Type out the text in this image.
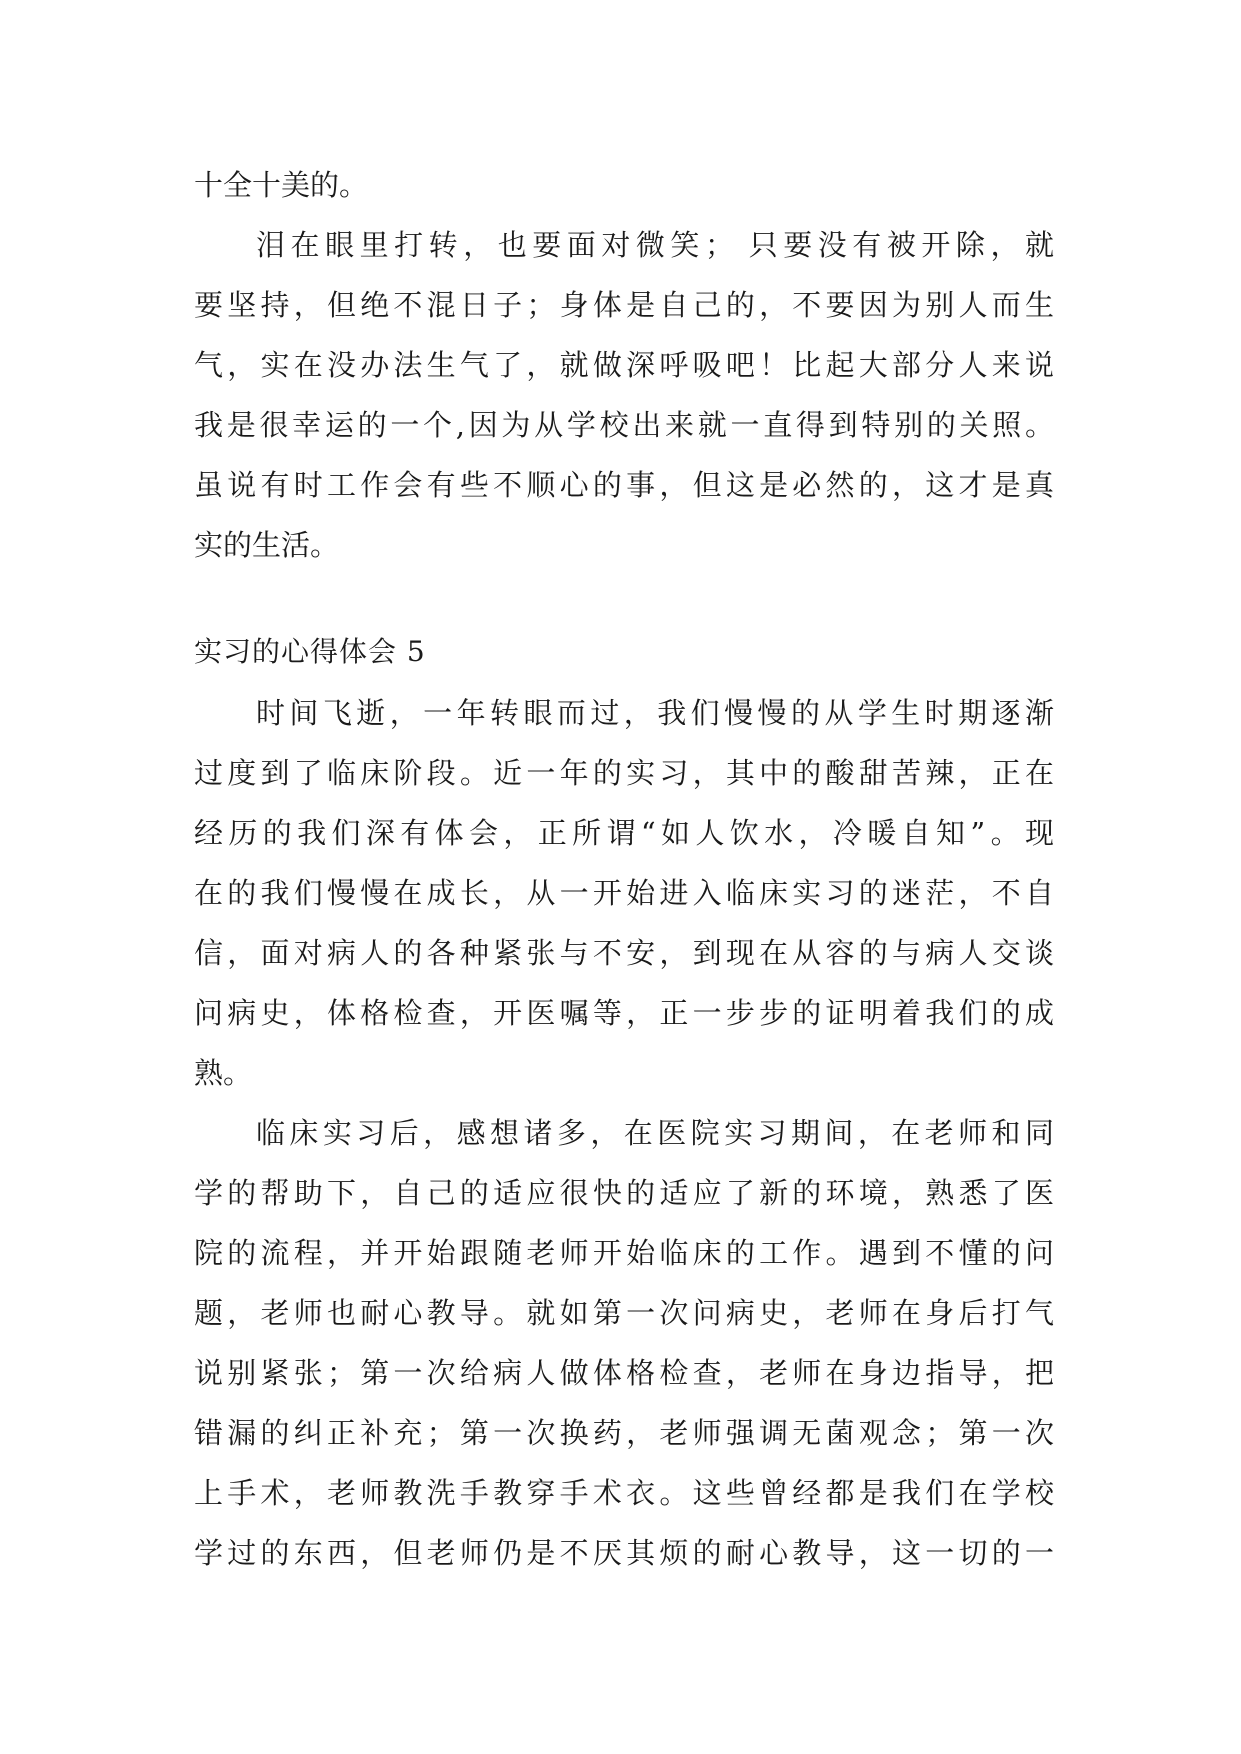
十全十美的。
泪在眼里打转，也要面对微笑； 只要没有被开除，就
要坚持，但绝不混日子；身体是自己的，不要因为别人而生
气，实在没办法生气了，就做深呼吸吧！比起大部分人来说
我是很幸运的一个,因为从学校出来就一直得到特别的关照。
虽说有时工作会有些不顺心的事，但这是必然的，这才是真
实的生活。
实习的心得体会 5
时间飞逝，一年转眼而过，我们慢慢的从学生时期逐渐
过度到了临床阶段。近一年的实习，其中的酸甜苦辣，正在
经历的我们深有体会，正所谓“如人饮水，冷暖自知”。现
在的我们慢慢在成长，从一开始进入临床实习的迷茫，不自
信，面对病人的各种紧张与不安，到现在从容的与病人交谈
问病史，体格检查，开医嘱等，正一步步的证明着我们的成
熟。
临床实习后，感想诸多，在医院实习期间，在老师和同
学的帮助下，自己的适应很快的适应了新的环境，熟悉了医
院的流程，并开始跟随老师开始临床的工作。遇到不懂的问
题，老师也耐心教导。就如第一次问病史，老师在身后打气
说别紧张；第一次给病人做体格检查，老师在身边指导，把
错漏的纠正补充；第一次换药，老师强调无菌观念；第一次
上手术，老师教洗手教穿手术衣。这些曾经都是我们在学校
学过的东西，但老师仍是不厌其烦的耐心教导，这一切的一
